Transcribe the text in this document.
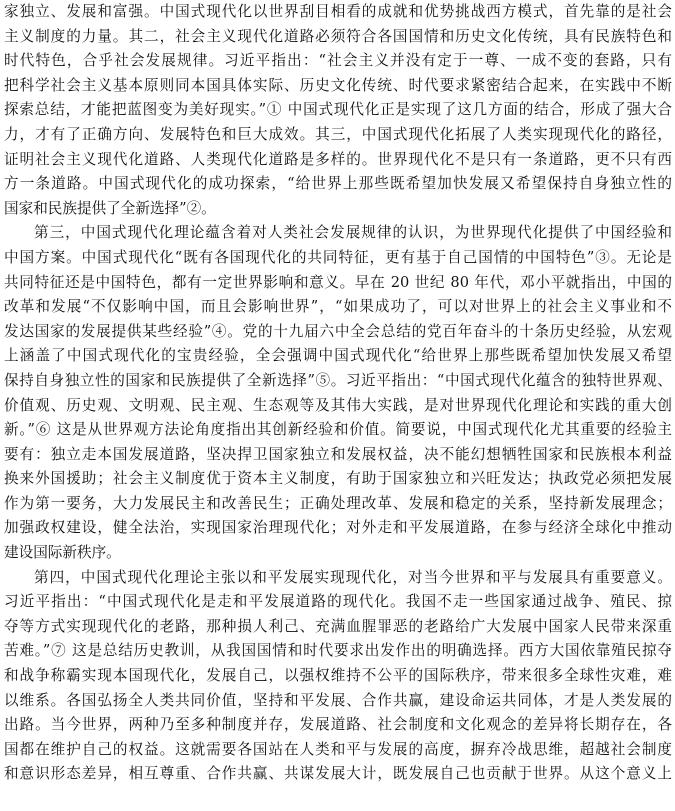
家独立、发展和富强。中国式现代化以世界刮目相看的成就和优势挑战西方模式，首先靠的是社会
主义制度的力量。其二，社会主义现代化道路必须符合各国国情和历史文化传统，具有民族特色和
时代特色，合乎社会发展规律。习近平指出：“社会主义并没有定于一尊、一成不变的套路，只有
把科学社会主义基本原则同本国具体实际、历史文化传统、时代要求紧密结合起来，在实践中不断
探索总结，才能把蓝图变为美好现实。”① 中国式现代化正是实现了这几方面的结合，形成了强大合
力，才有了正确方向、发展特色和巨大成效。其三，中国式现代化拓展了人类实现现代化的路径，
证明社会主义现代化道路、人类现代化道路是多样的。世界现代化不是只有一条道路，更不只有西
方一条道路。中国式现代化的成功探索，“给世界上那些既希望加快发展又希望保持自身独立性的
国家和民族提供了全新选择”②。
第三，中国式现代化理论蕴含着对人类社会发展规律的认识，为世界现代化提供了中国经验和
中国方案。中国式现代化“既有各国现代化的共同特征，更有基于自己国情的中国特色”③。无论是
共同特征还是中国特色，都有一定世界影响和意义。早在 20 世纪 80 年代，邓小平就指出，中国的
改革和发展“不仅影响中国，而且会影响世界”，“如果成功了，可以对世界上的社会主义事业和不
发达国家的发展提供某些经验”④。党的十九届六中全会总结的党百年奋斗的十条历史经验，从宏观
上涵盖了中国式现代化的宝贵经验，全会强调中国式现代化“给世界上那些既希望加快发展又希望
保持自身独立性的国家和民族提供了全新选择”⑤。习近平指出：“中国式现代化蕴含的独特世界观、
价值观、历史观、文明观、民主观、生态观等及其伟大实践，是对世界现代化理论和实践的重大创
新。”⑥ 这是从世界观方法论角度指出其创新经验和价值。简要说，中国式现代化尤其重要的经验主
要有：独立走本国发展道路，坚决捍卫国家独立和发展权益，决不能幻想牺牲国家和民族根本利益
换来外国援助；社会主义制度优于资本主义制度，有助于国家独立和兴旺发达；执政党必须把发展
作为第一要务，大力发展民主和改善民生；正确处理改革、发展和稳定的关系，坚持新发展理念；
加强政权建设，健全法治，实现国家治理现代化；对外走和平发展道路，在参与经济全球化中推动
建设国际新秩序。
第四，中国式现代化理论主张以和平发展实现现代化，对当今世界和平与发展具有重要意义。
习近平指出：“中国式现代化是走和平发展道路的现代化。我国不走一些国家通过战争、殖民、掠
夺等方式实现现代化的老路，那种损人利己、充满血腥罪恶的老路给广大发展中国家人民带来深重
苦难。”⑦ 这是总结历史教训，从我国国情和时代要求出发作出的明确选择。西方大国依靠殖民掠夺
和战争称霸实现本国现代化，发展自己，以强权维持不公平的国际秩序，带来很多全球性灾难，难
以维系。各国弘扬全人类共同价值，坚持和平发展、合作共赢，建设命运共同体，才是人类发展的
出路。当今世界，两种乃至多种制度并存，发展道路、社会制度和文化观念的差异将长期存在，各
国都在维护自己的权益。这就需要各国站在人类和平与发展的高度，摒弃冷战思维，超越社会制度
和意识形态差异，相互尊重、合作共赢、共谋发展大计，既发展自己也贡献于世界。从这个意义上
